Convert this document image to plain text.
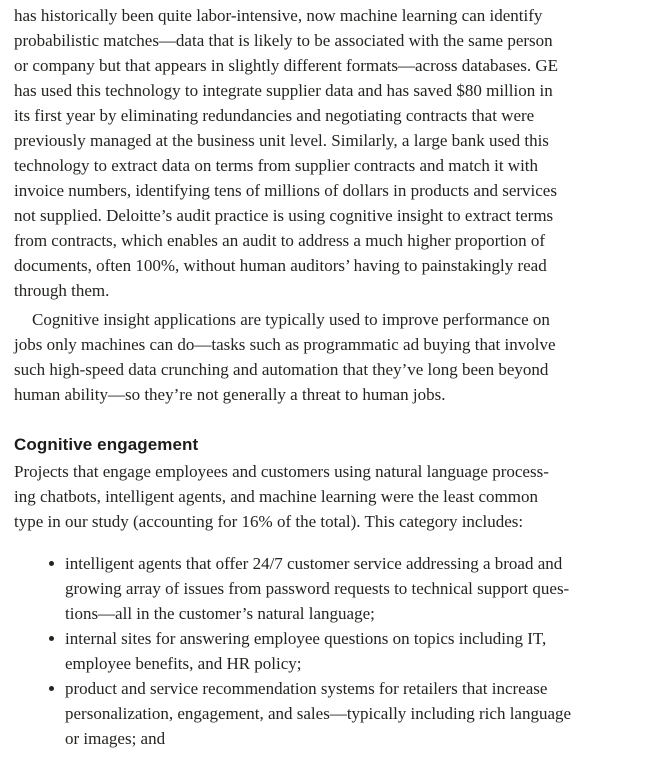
has historically been quite labor-intensive, now machine learning can identify
probabilistic matches—data that is likely to be associated with the same person
or company but that appears in slightly different formats—across databases. GE
has used this technology to integrate supplier data and has saved $80 million in
its first year by eliminating redundancies and negotiating contracts that were
previously managed at the business unit level. Similarly, a large bank used this
technology to extract data on terms from supplier contracts and match it with
invoice numbers, identifying tens of millions of dollars in products and services
not supplied. Deloitte’s audit practice is using cognitive insight to extract terms
from contracts, which enables an audit to address a much higher proportion of
documents, often 100%, without human auditors’ having to painstakingly read
through them.
Cognitive insight applications are typically used to improve performance on
jobs only machines can do—tasks such as programmatic ad buying that involve
such high-speed data crunching and automation that they’ve long been beyond
human ability—so they’re not generally a threat to human jobs.
Cognitive engagement
Projects that engage employees and customers using natural language process-
ing chatbots, intelligent agents, and machine learning were the least common
type in our study (accounting for 16% of the total). This category includes:
intelligent agents that offer 24/7 customer service addressing a broad and
growing array of issues from password requests to technical support ques-
tions—all in the customer’s natural language;
internal sites for answering employee questions on topics including IT,
employee benefits, and HR policy;
product and service recommendation systems for retailers that increase
personalization, engagement, and sales—typically including rich language
or images; and
